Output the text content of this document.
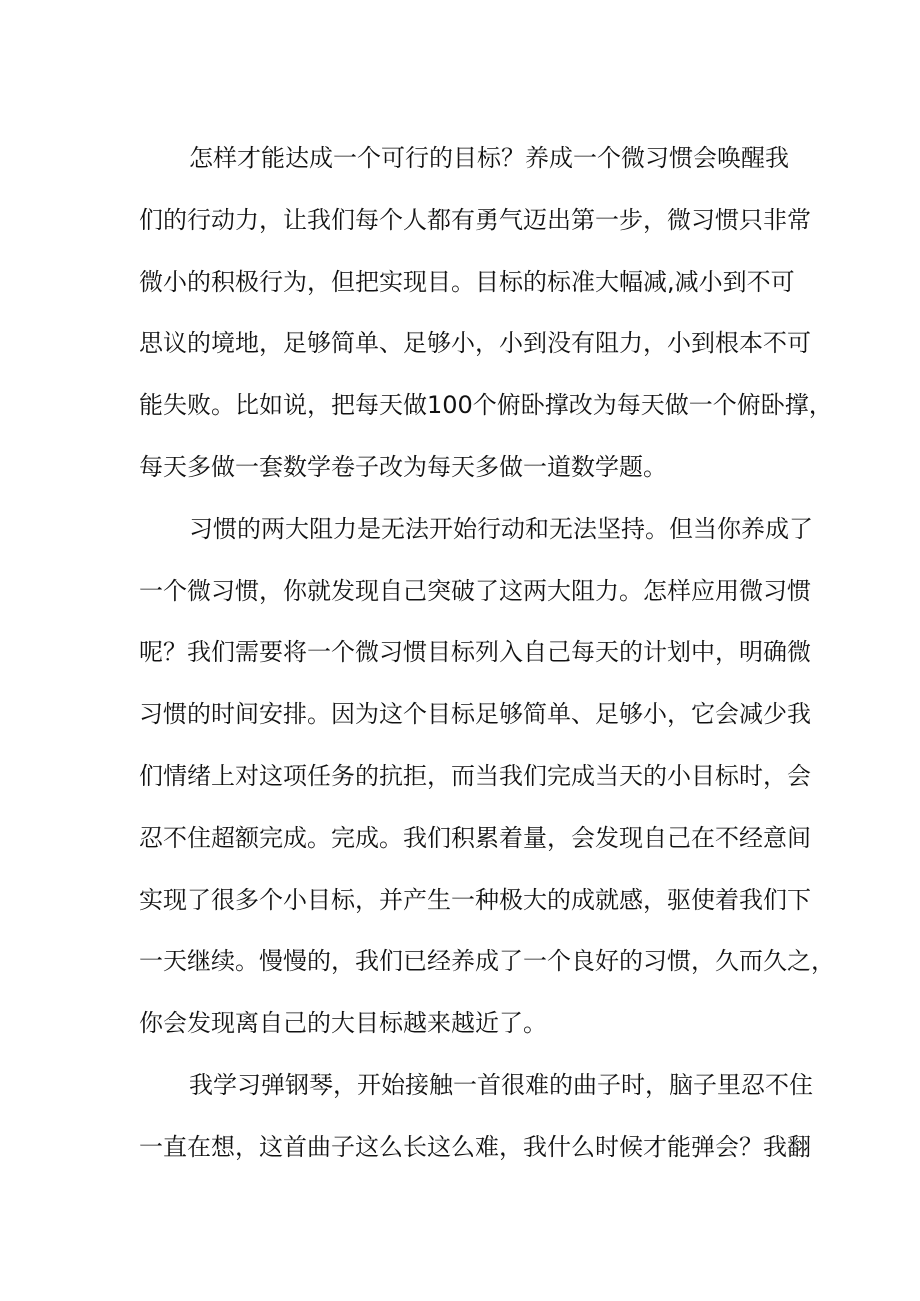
怎样才能达成一个可行的目标？养成一个微习惯会唤醒我
们的行动力，让我们每个人都有勇气迈出第一步，微习惯只非常
微小的积极行为，但把实现目。目标的标准大幅减,减小到不可
思议的境地，足够简单、足够小，小到没有阻力，小到根本不可
能失败。比如说，把每天做100个俯卧撑改为每天做一个俯卧撑，
每天多做一套数学卷子改为每天多做一道数学题。
习惯的两大阻力是无法开始行动和无法坚持。但当你养成了
一个微习惯，你就发现自己突破了这两大阻力。怎样应用微习惯
呢？我们需要将一个微习惯目标列入自己每天的计划中，明确微
习惯的时间安排。因为这个目标足够简单、足够小，它会减少我
们情绪上对这项任务的抗拒，而当我们完成当天的小目标时，会
忍不住超额完成。完成。我们积累着量，会发现自己在不经意间
实现了很多个小目标，并产生一种极大的成就感，驱使着我们下
一天继续。慢慢的，我们已经养成了一个良好的习惯，久而久之，
你会发现离自己的大目标越来越近了。
我学习弹钢琴，开始接触一首很难的曲子时，脑子里忍不住
一直在想，这首曲子这么长这么难，我什么时候才能弹会？我翻
